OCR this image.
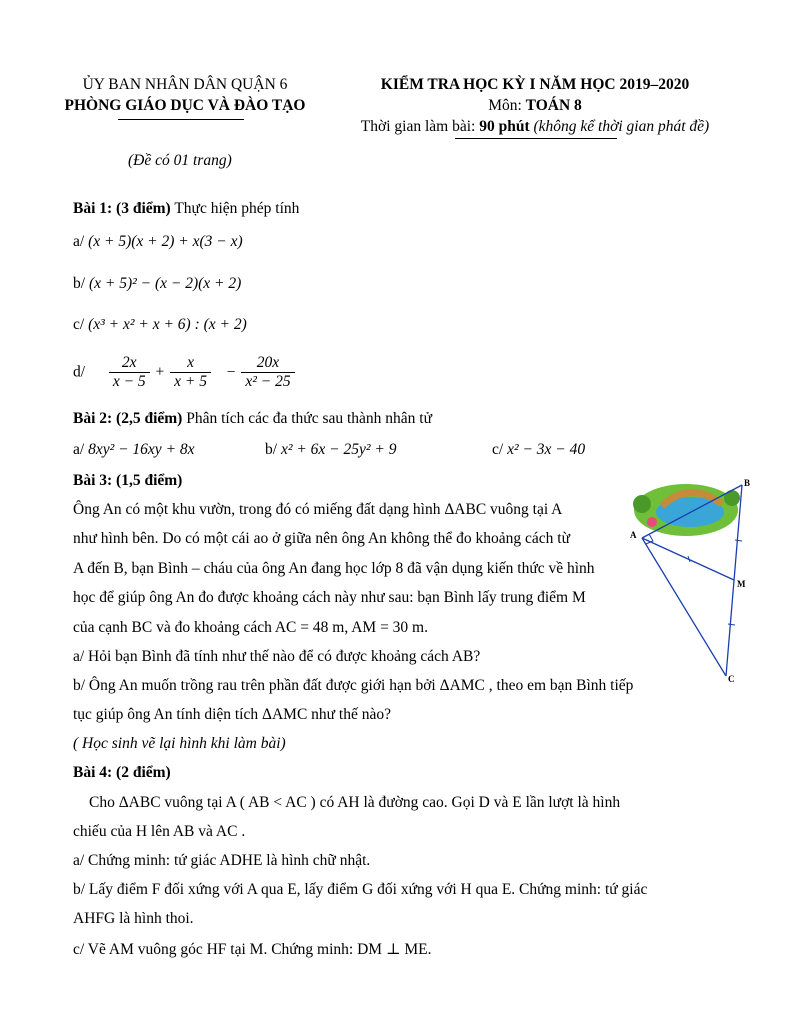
ỦY BAN NHÂN DÂN QUẬN 6
PHÒNG GIÁO DỤC VÀ ĐÀO TẠO
KIỂM TRA HỌC KỲ I NĂM HỌC 2019–2020
Môn: TOÁN 8
Thời gian làm bài: 90 phút (không kể thời gian phát đề)
(Đề có 01 trang)
Bài 1: (3 điểm) Thực hiện phép tính
a/ (x + 5)(x + 2) + x(3 − x)
b/ (x + 5)² − (x − 2)(x + 2)
c/ (x³ + x² + x + 6) : (x + 2)
$d/ \frac{2x}{x - 5} + \frac{x}{x + 5} - \frac{20x}{\text{x² − 25}}$
Bài 2: (2,5 điểm) Phân tích các đa thức sau thành nhân tử
a/ 8xy² − 16xy + 8x	b/ x² + 6x − 25y² + 9	c/ x² − 3x − 40
Bài 3: (1,5 điểm)
Ông An có một khu vườn, trong đó có miếng đất dạng hình ΔABC vuông tại A
như hình bên. Do có một cái ao ở giữa nên ông An không thể đo khoảng cách từ
A đến B, bạn Bình – cháu của ông An đang học lớp 8 đã vận dụng kiến thức về hình
học để giúp ông An đo được khoảng cách này như sau: bạn Bình lấy trung điểm M
của cạnh BC và đo khoảng cách AC = 48 m, AM = 30 m.
a/ Hỏi bạn Bình đã tính như thế nào để có được khoảng cách AB?
b/ Ông An muốn trồng rau trên phần đất được giới hạn bởi ΔAMC , theo em bạn Bình tiếp
tục giúp ông An tính diện tích ΔAMC như thế nào?
( Học sinh vẽ lại hình khi làm bài)
A
B
M
C
Bài 4: (2 điểm)
Cho ΔABC vuông tại A ( AB < AC ) có AH là đường cao. Gọi D và E lần lượt là hình
chiếu của H lên AB và AC .
a/ Chứng minh: tứ giác ADHE là hình chữ nhật.
b/ Lấy điểm F đối xứng với A qua E, lấy điểm G đối xứng với H qua E. Chứng minh: tứ giác
AHFG là hình thoi.
c/ Vẽ AM vuông góc HF tại M. Chứng minh: DM ⊥ ME.
